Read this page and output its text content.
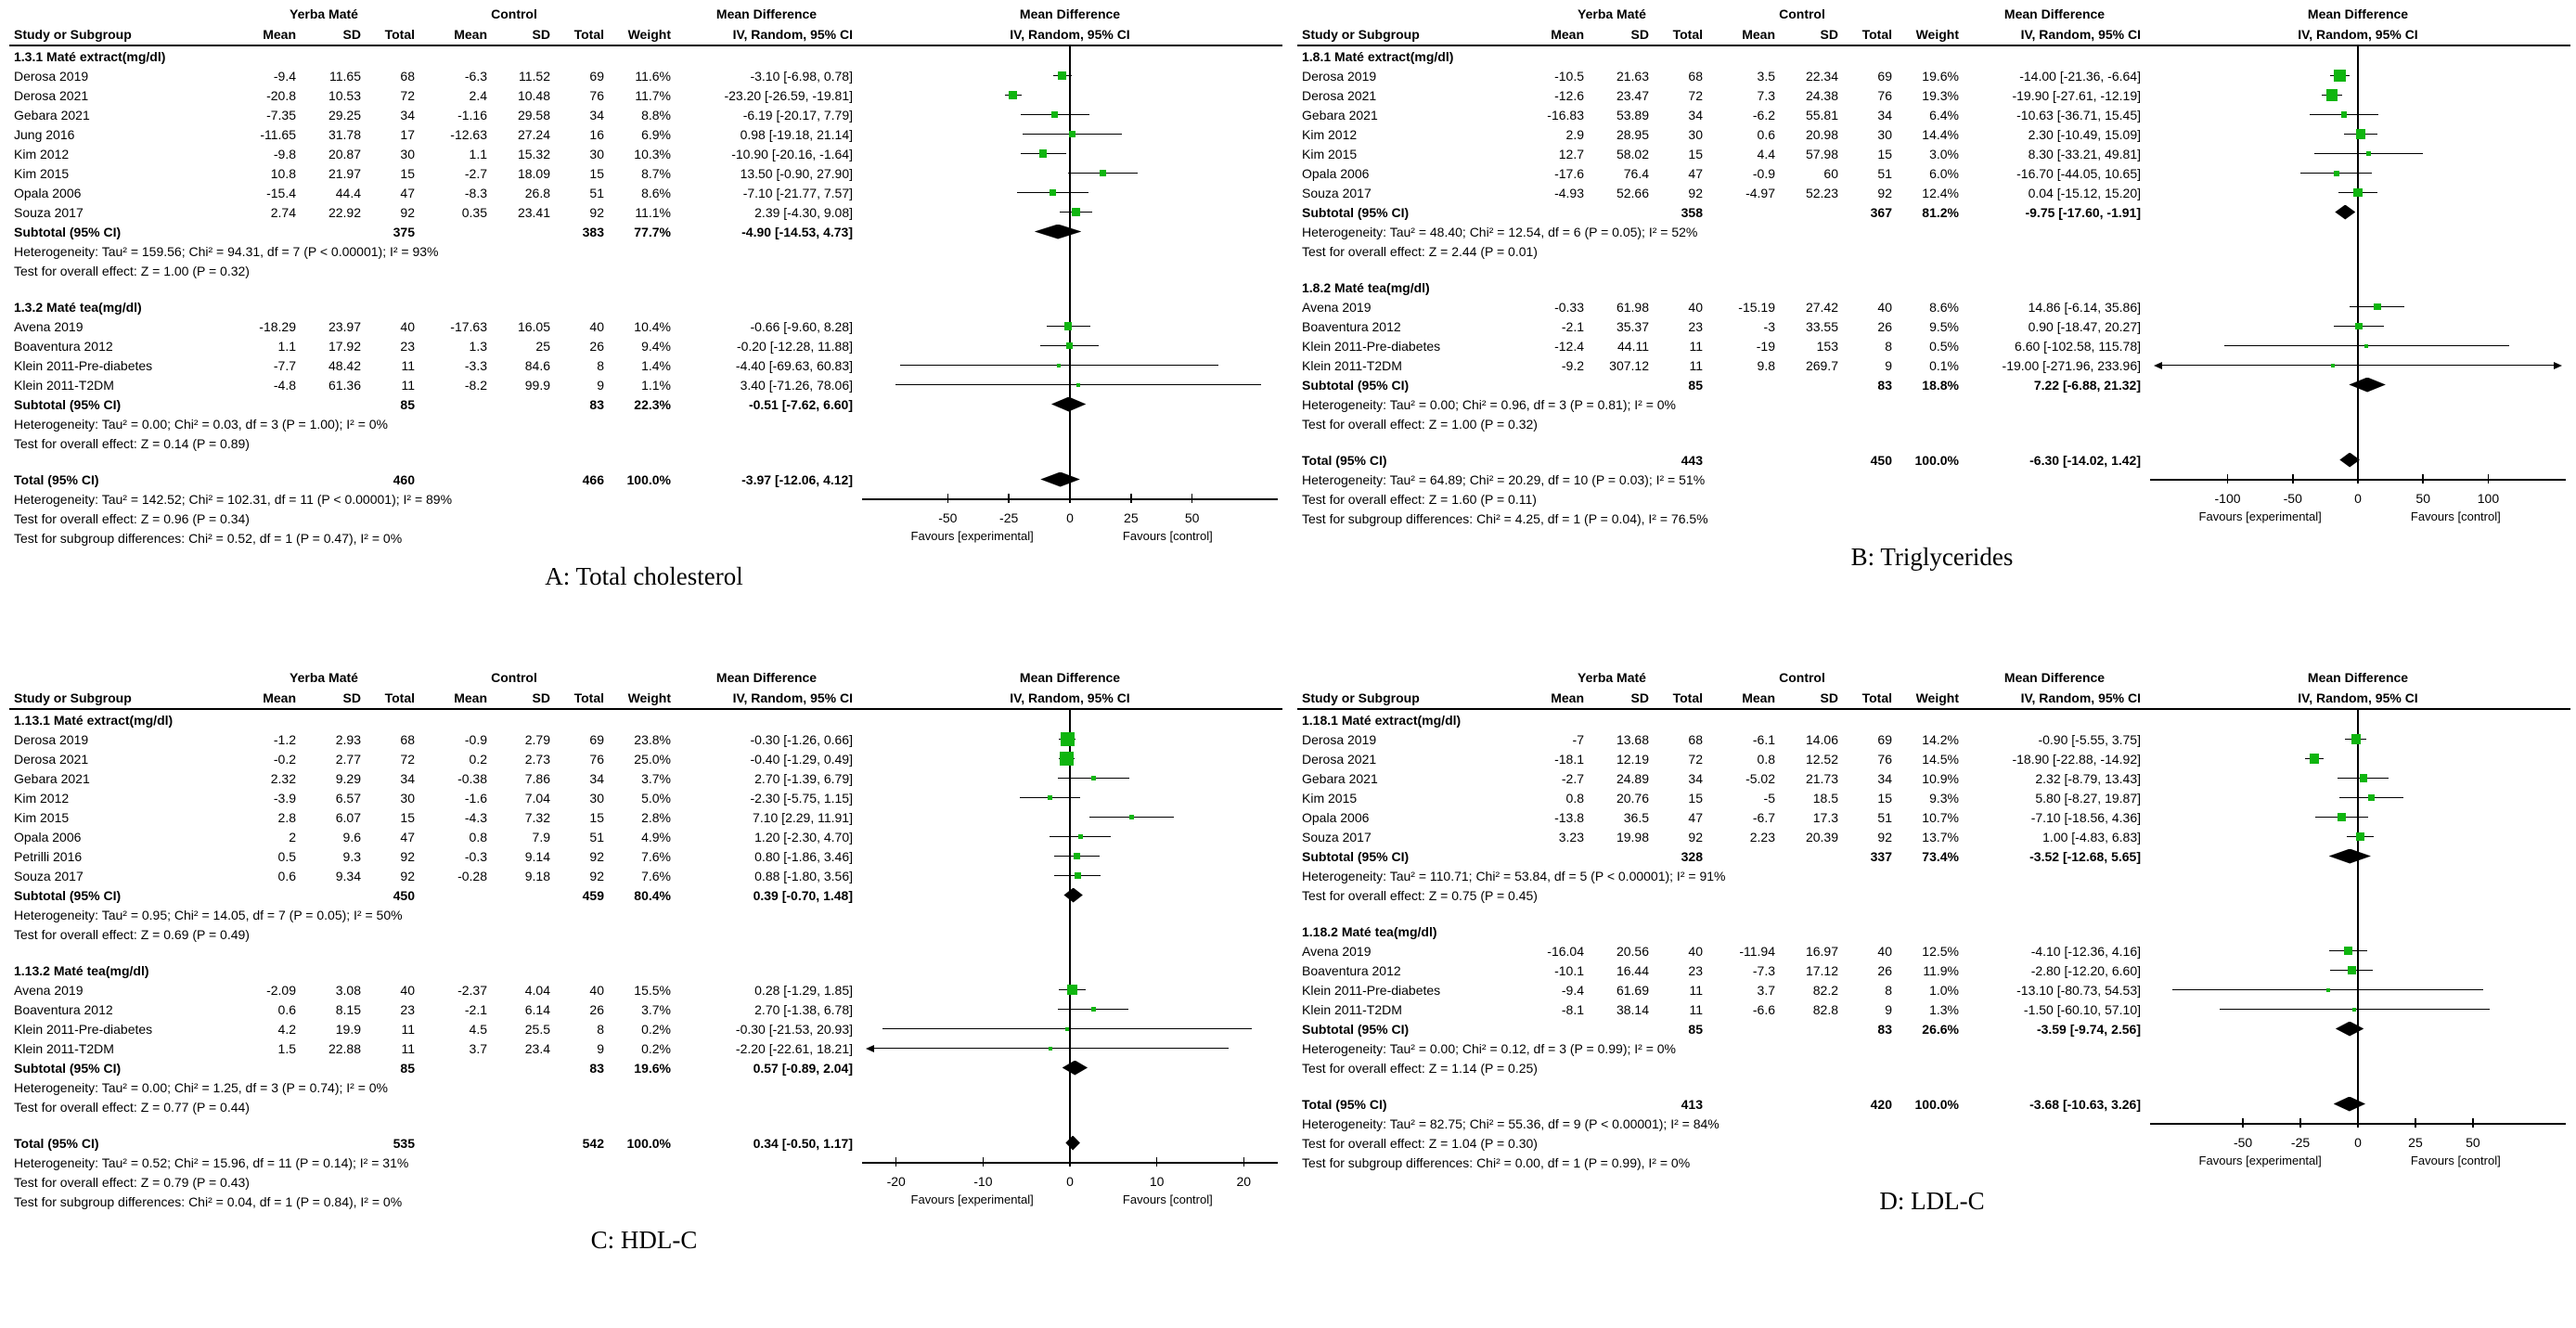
Yerba Maté	Control	Mean Difference	Mean Difference
Study or Subgroup	Mean	SD	Total	Mean	SD	Total	Weight	IV, Random, 95% CI	IV, Random, 95% CI
1.3.1 Maté extract(mg/dl)
Derosa 2019	-9.4	11.65	68	-6.3	11.52	69	11.6%	-3.10 [-6.98, 0.78]
Derosa 2021	-20.8	10.53	72	2.4	10.48	76	11.7%	-23.20 [-26.59, -19.81]
Gebara 2021	-7.35	29.25	34	-1.16	29.58	34	8.8%	-6.19 [-20.17, 7.79]
Jung 2016	-11.65	31.78	17	-12.63	27.24	16	6.9%	0.98 [-19.18, 21.14]
Kim 2012	-9.8	20.87	30	1.1	15.32	30	10.3%	-10.90 [-20.16, -1.64]
Kim 2015	10.8	21.97	15	-2.7	18.09	15	8.7%	13.50 [-0.90, 27.90]
Opala 2006	-15.4	44.4	47	-8.3	26.8	51	8.6%	-7.10 [-21.77, 7.57]
Souza 2017	2.74	22.92	92	0.35	23.41	92	11.1%	2.39 [-4.30, 9.08]
Subtotal (95% CI)	375	383	77.7%	-4.90 [-14.53, 4.73]
Heterogeneity: Tau² = 159.56; Chi² = 94.31, df = 7 (P < 0.00001); I² = 93%
Test for overall effect: Z = 1.00 (P = 0.32)
1.3.2 Maté tea(mg/dl)
Avena 2019	-18.29	23.97	40	-17.63	16.05	40	10.4%	-0.66 [-9.60, 8.28]
Boaventura 2012	1.1	17.92	23	1.3	25	26	9.4%	-0.20 [-12.28, 11.88]
Klein 2011-Pre-diabetes	-7.7	48.42	11	-3.3	84.6	8	1.4%	-4.40 [-69.63, 60.83]
Klein 2011-T2DM	-4.8	61.36	11	-8.2	99.9	9	1.1%	3.40 [-71.26, 78.06]
Subtotal (95% CI)	85	83	22.3%	-0.51 [-7.62, 6.60]
Heterogeneity: Tau² = 0.00; Chi² = 0.03, df = 3 (P = 1.00); I² = 0%
Test for overall effect: Z = 0.14 (P = 0.89)
Total (95% CI)	460	466	100.0%	-3.97 [-12.06, 4.12]
Heterogeneity: Tau² = 142.52; Chi² = 102.31, df = 11 (P < 0.00001); I² = 89%
Test for overall effect: Z = 0.96 (P = 0.34)	-50	-25	0	25	50
Test for subgroup differences: Chi² = 0.52, df = 1 (P = 0.47), I² = 0%	Favours [experimental]	Favours [control]
A: Total cholesterol
Yerba Maté	Control	Mean Difference	Mean Difference
Study or Subgroup	Mean	SD	Total	Mean	SD	Total	Weight	IV, Random, 95% CI	IV, Random, 95% CI
1.8.1 Maté extract(mg/dl)
Derosa 2019	-10.5	21.63	68	3.5	22.34	69	19.6%	-14.00 [-21.36, -6.64]
Derosa 2021	-12.6	23.47	72	7.3	24.38	76	19.3%	-19.90 [-27.61, -12.19]
Gebara 2021	-16.83	53.89	34	-6.2	55.81	34	6.4%	-10.63 [-36.71, 15.45]
Kim 2012	2.9	28.95	30	0.6	20.98	30	14.4%	2.30 [-10.49, 15.09]
Kim 2015	12.7	58.02	15	4.4	57.98	15	3.0%	8.30 [-33.21, 49.81]
Opala 2006	-17.6	76.4	47	-0.9	60	51	6.0%	-16.70 [-44.05, 10.65]
Souza 2017	-4.93	52.66	92	-4.97	52.23	92	12.4%	0.04 [-15.12, 15.20]
Subtotal (95% CI)	358	367	81.2%	-9.75 [-17.60, -1.91]
Heterogeneity: Tau² = 48.40; Chi² = 12.54, df = 6 (P = 0.05); I² = 52%
Test for overall effect: Z = 2.44 (P = 0.01)
1.8.2 Maté tea(mg/dl)
Avena 2019	-0.33	61.98	40	-15.19	27.42	40	8.6%	14.86 [-6.14, 35.86]
Boaventura 2012	-2.1	35.37	23	-3	33.55	26	9.5%	0.90 [-18.47, 20.27]
Klein 2011-Pre-diabetes	-12.4	44.11	11	-19	153	8	0.5%	6.60 [-102.58, 115.78]
Klein 2011-T2DM	-9.2	307.12	11	9.8	269.7	9	0.1%	-19.00 [-271.96, 233.96]
Subtotal (95% CI)	85	83	18.8%	7.22 [-6.88, 21.32]
Heterogeneity: Tau² = 0.00; Chi² = 0.96, df = 3 (P = 0.81); I² = 0%
Test for overall effect: Z = 1.00 (P = 0.32)
Total (95% CI)	443	450	100.0%	-6.30 [-14.02, 1.42]
Heterogeneity: Tau² = 64.89; Chi² = 20.29, df = 10 (P = 0.03); I² = 51%
Test for overall effect: Z = 1.60 (P = 0.11)	-100	-50	0	50	100
Test for subgroup differences: Chi² = 4.25, df = 1 (P = 0.04), I² = 76.5%	Favours [experimental]	Favours [control]
B: Triglycerides
Yerba Maté	Control	Mean Difference	Mean Difference
Study or Subgroup	Mean	SD	Total	Mean	SD	Total	Weight	IV, Random, 95% CI	IV, Random, 95% CI
1.13.1 Maté extract(mg/dl)
Derosa 2019	-1.2	2.93	68	-0.9	2.79	69	23.8%	-0.30 [-1.26, 0.66]
Derosa 2021	-0.2	2.77	72	0.2	2.73	76	25.0%	-0.40 [-1.29, 0.49]
Gebara 2021	2.32	9.29	34	-0.38	7.86	34	3.7%	2.70 [-1.39, 6.79]
Kim 2012	-3.9	6.57	30	-1.6	7.04	30	5.0%	-2.30 [-5.75, 1.15]
Kim 2015	2.8	6.07	15	-4.3	7.32	15	2.8%	7.10 [2.29, 11.91]
Opala 2006	2	9.6	47	0.8	7.9	51	4.9%	1.20 [-2.30, 4.70]
Petrilli 2016	0.5	9.3	92	-0.3	9.14	92	7.6%	0.80 [-1.86, 3.46]
Souza 2017	0.6	9.34	92	-0.28	9.18	92	7.6%	0.88 [-1.80, 3.56]
Subtotal (95% CI)	450	459	80.4%	0.39 [-0.70, 1.48]
Heterogeneity: Tau² = 0.95; Chi² = 14.05, df = 7 (P = 0.05); I² = 50%
Test for overall effect: Z = 0.69 (P = 0.49)
1.13.2 Maté tea(mg/dl)
Avena 2019	-2.09	3.08	40	-2.37	4.04	40	15.5%	0.28 [-1.29, 1.85]
Boaventura 2012	0.6	8.15	23	-2.1	6.14	26	3.7%	2.70 [-1.38, 6.78]
Klein 2011-Pre-diabetes	4.2	19.9	11	4.5	25.5	8	0.2%	-0.30 [-21.53, 20.93]
Klein 2011-T2DM	1.5	22.88	11	3.7	23.4	9	0.2%	-2.20 [-22.61, 18.21]
Subtotal (95% CI)	85	83	19.6%	0.57 [-0.89, 2.04]
Heterogeneity: Tau² = 0.00; Chi² = 1.25, df = 3 (P = 0.74); I² = 0%
Test for overall effect: Z = 0.77 (P = 0.44)
Total (95% CI)	535	542	100.0%	0.34 [-0.50, 1.17]
Heterogeneity: Tau² = 0.52; Chi² = 15.96, df = 11 (P = 0.14); I² = 31%
Test for overall effect: Z = 0.79 (P = 0.43)	-20	-10	0	10	20
Test for subgroup differences: Chi² = 0.04, df = 1 (P = 0.84), I² = 0%	Favours [experimental]	Favours [control]
C: HDL-C
Yerba Maté	Control	Mean Difference	Mean Difference
Study or Subgroup	Mean	SD	Total	Mean	SD	Total	Weight	IV, Random, 95% CI	IV, Random, 95% CI
1.18.1 Maté extract(mg/dl)
Derosa 2019	-7	13.68	68	-6.1	14.06	69	14.2%	-0.90 [-5.55, 3.75]
Derosa 2021	-18.1	12.19	72	0.8	12.52	76	14.5%	-18.90 [-22.88, -14.92]
Gebara 2021	-2.7	24.89	34	-5.02	21.73	34	10.9%	2.32 [-8.79, 13.43]
Kim 2015	0.8	20.76	15	-5	18.5	15	9.3%	5.80 [-8.27, 19.87]
Opala 2006	-13.8	36.5	47	-6.7	17.3	51	10.7%	-7.10 [-18.56, 4.36]
Souza 2017	3.23	19.98	92	2.23	20.39	92	13.7%	1.00 [-4.83, 6.83]
Subtotal (95% CI)	328	337	73.4%	-3.52 [-12.68, 5.65]
Heterogeneity: Tau² = 110.71; Chi² = 53.84, df = 5 (P < 0.00001); I² = 91%
Test for overall effect: Z = 0.75 (P = 0.45)
1.18.2 Maté tea(mg/dl)
Avena 2019	-16.04	20.56	40	-11.94	16.97	40	12.5%	-4.10 [-12.36, 4.16]
Boaventura 2012	-10.1	16.44	23	-7.3	17.12	26	11.9%	-2.80 [-12.20, 6.60]
Klein 2011-Pre-diabetes	-9.4	61.69	11	3.7	82.2	8	1.0%	-13.10 [-80.73, 54.53]
Klein 2011-T2DM	-8.1	38.14	11	-6.6	82.8	9	1.3%	-1.50 [-60.10, 57.10]
Subtotal (95% CI)	85	83	26.6%	-3.59 [-9.74, 2.56]
Heterogeneity: Tau² = 0.00; Chi² = 0.12, df = 3 (P = 0.99); I² = 0%
Test for overall effect: Z = 1.14 (P = 0.25)
Total (95% CI)	413	420	100.0%	-3.68 [-10.63, 3.26]
Heterogeneity: Tau² = 82.75; Chi² = 55.36, df = 9 (P < 0.00001); I² = 84%
Test for overall effect: Z = 1.04 (P = 0.30)	-50	-25	0	25	50
Test for subgroup differences: Chi² = 0.00, df = 1 (P = 0.99), I² = 0%	Favours [experimental]	Favours [control]
D: LDL-C
